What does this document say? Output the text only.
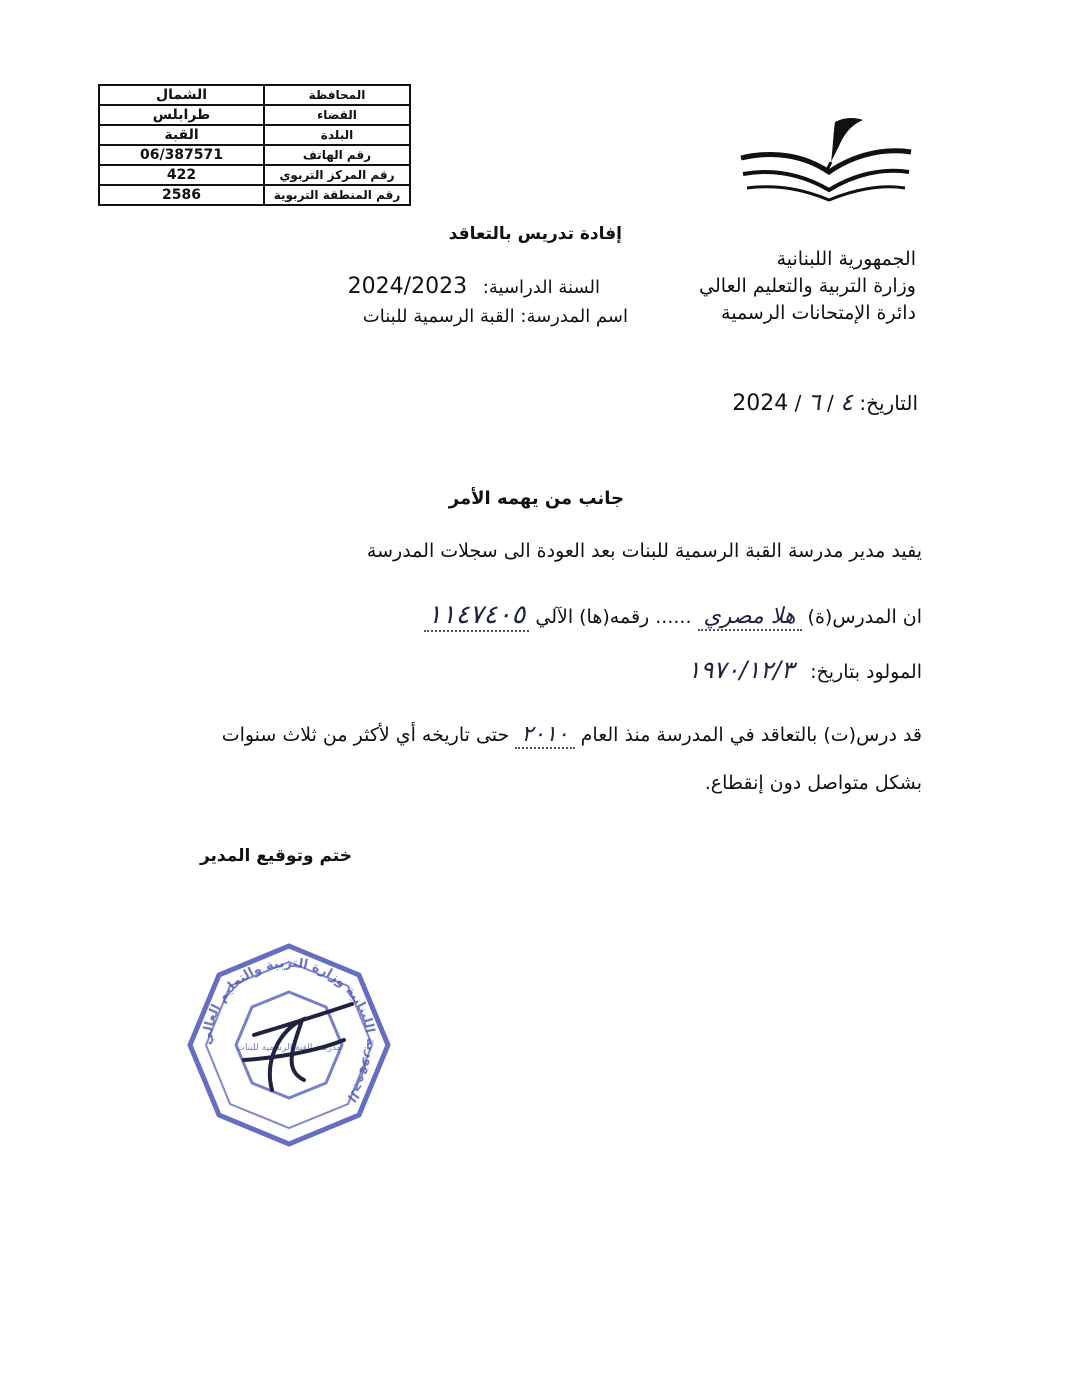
الشمال	المحافظة
طرابلس	القضاء
القبة	البلدة
06/387571	رقم الهاتف
422	رقم المركز التربوي
2586	رقم المنطقة التربوية
الجمهورية اللبنانية
وزارة التربية والتعليم العالي
دائرة الإمتحانات الرسمية
إفادة تدريس بالتعاقد
السنة الدراسية: 2024/2023
اسم المدرسة: القبة الرسمية للبنات
التاريخ: ٤ / ٦ / 2024
جانب من يهمه الأمر
يفيد مدير مدرسة القبة الرسمية للبنات بعد العودة الى سجلات المدرسة
ان المدرس(ة) هلا مصري ...... رقمه(ها) الآلي ١١٤٧٤٠٥
المولود بتاريخ: ١٩٧٠/١٢/٣
قد درس(ت) بالتعاقد في المدرسة منذ العام ٢٠١٠ حتى تاريخه أي لأكثر من ثلاث سنوات
بشكل متواصل دون إنقطاع.
ختم وتوقيع المدير
الجمهورية اللبنانية وزارة التربية والتعليم العالي
مدرسة القبة الرسمية للبنات
